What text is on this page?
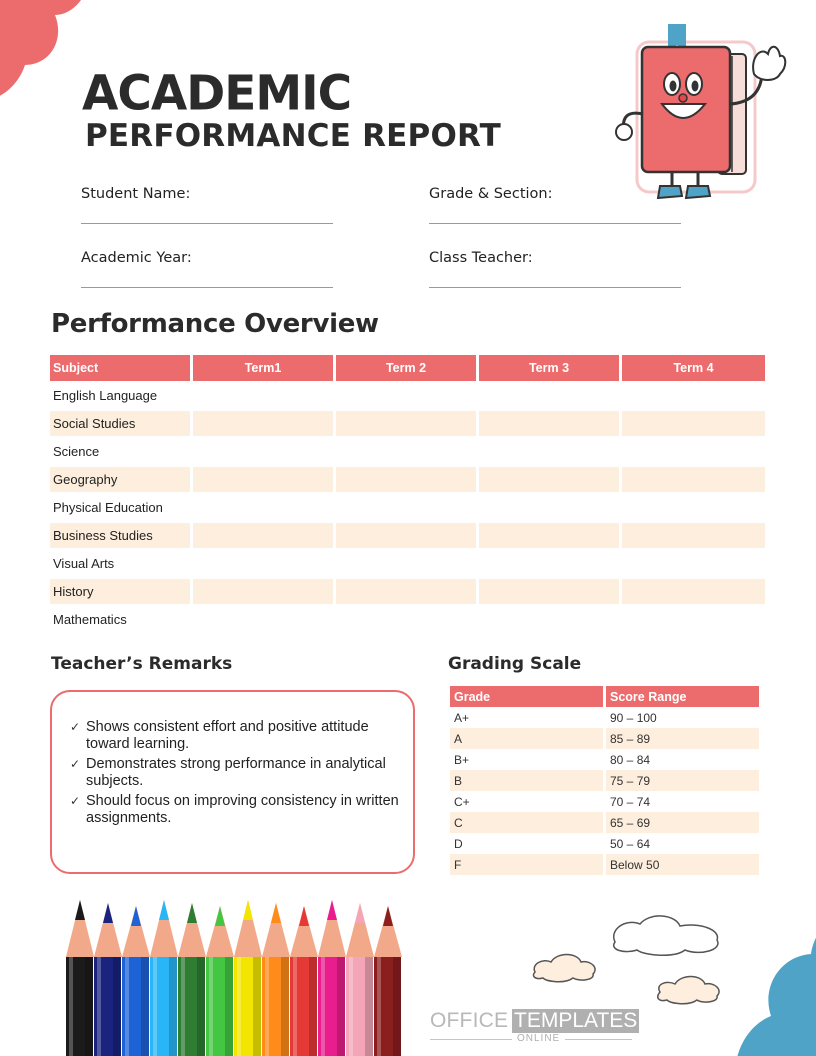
ACADEMIC
PERFORMANCE REPORT
Student Name:	Grade & Section:
Academic Year:	Class Teacher:
Performance Overview
Subject	Term1	Term 2	Term 3	Term 4
English Language
Social Studies
Science
Geography
Physical Education
Business Studies
Visual Arts
History
Mathematics
Teacher’s Remarks
✓ Shows consistent effort and positive attitude toward learning.
✓ Demonstrates strong performance in analytical subjects.
✓ Should focus on improving consistency in written assignments.
Grading Scale
Grade	Score Range
A+	90 – 100
A	85 – 89
B+	80 – 84
B	75 – 79
C+	70 – 74
C	65 – 69
D	50 – 64
F	Below 50
OFFICE TEMPLATES
ONLINE
